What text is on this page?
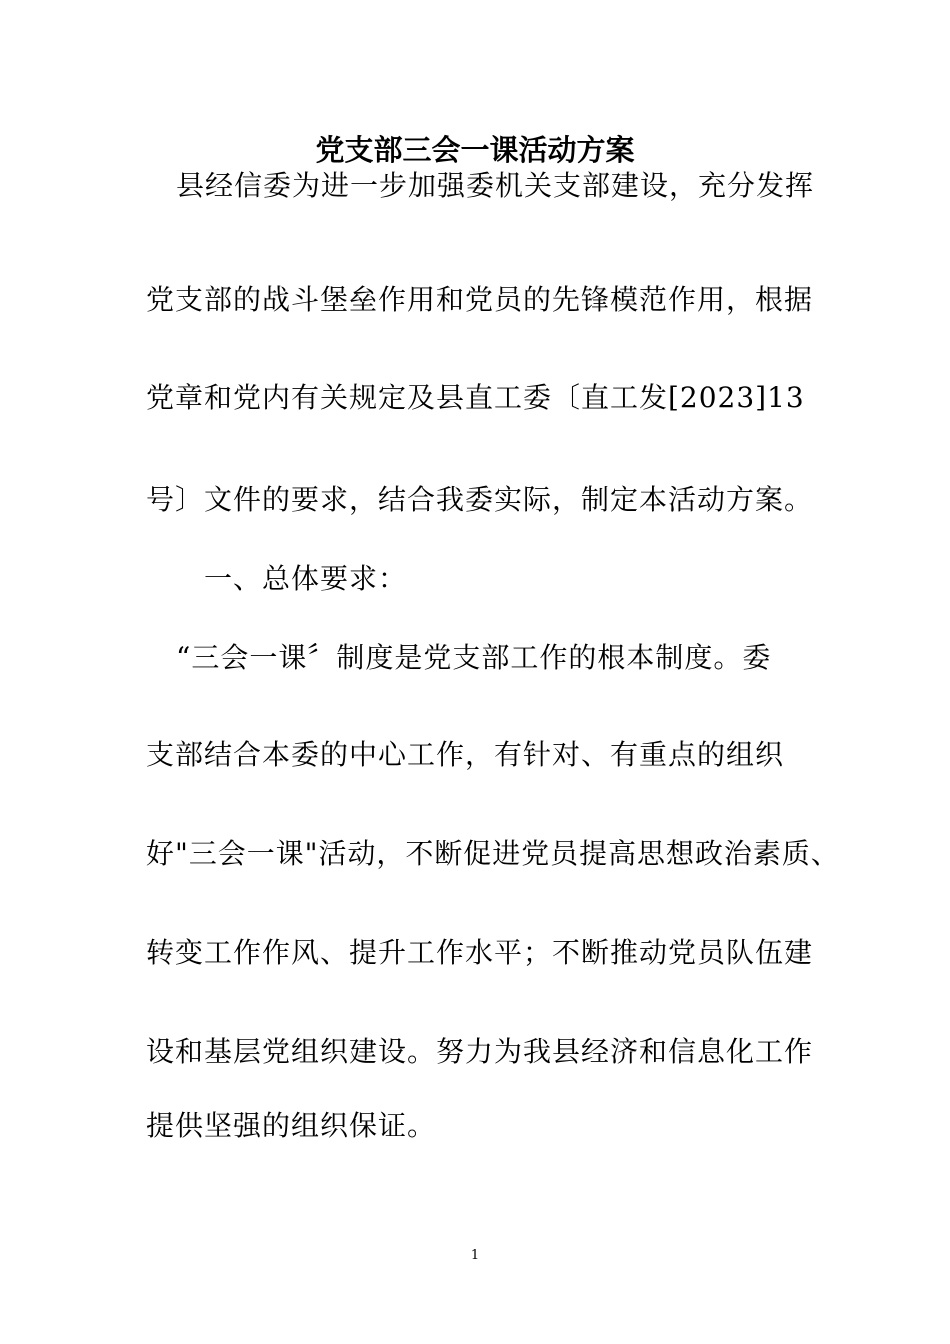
党支部三会一课活动方案
县经信委为进一步加强委机关支部建设，充分发挥
党支部的战斗堡垒作用和党员的先锋模范作用，根据
党章和党内有关规定及县直工委〔直工发[2023]13
号〕文件的要求，结合我委实际，制定本活动方案。
一、总体要求：
“三会一课〞制度是党支部工作的根本制度。委
支部结合本委的中心工作，有针对、有重点的组织
好"三会一课"活动，不断促进党员提高思想政治素质、
转变工作作风、提升工作水平；不断推动党员队伍建
设和基层党组织建设。努力为我县经济和信息化工作
提供坚强的组织保证。
1
